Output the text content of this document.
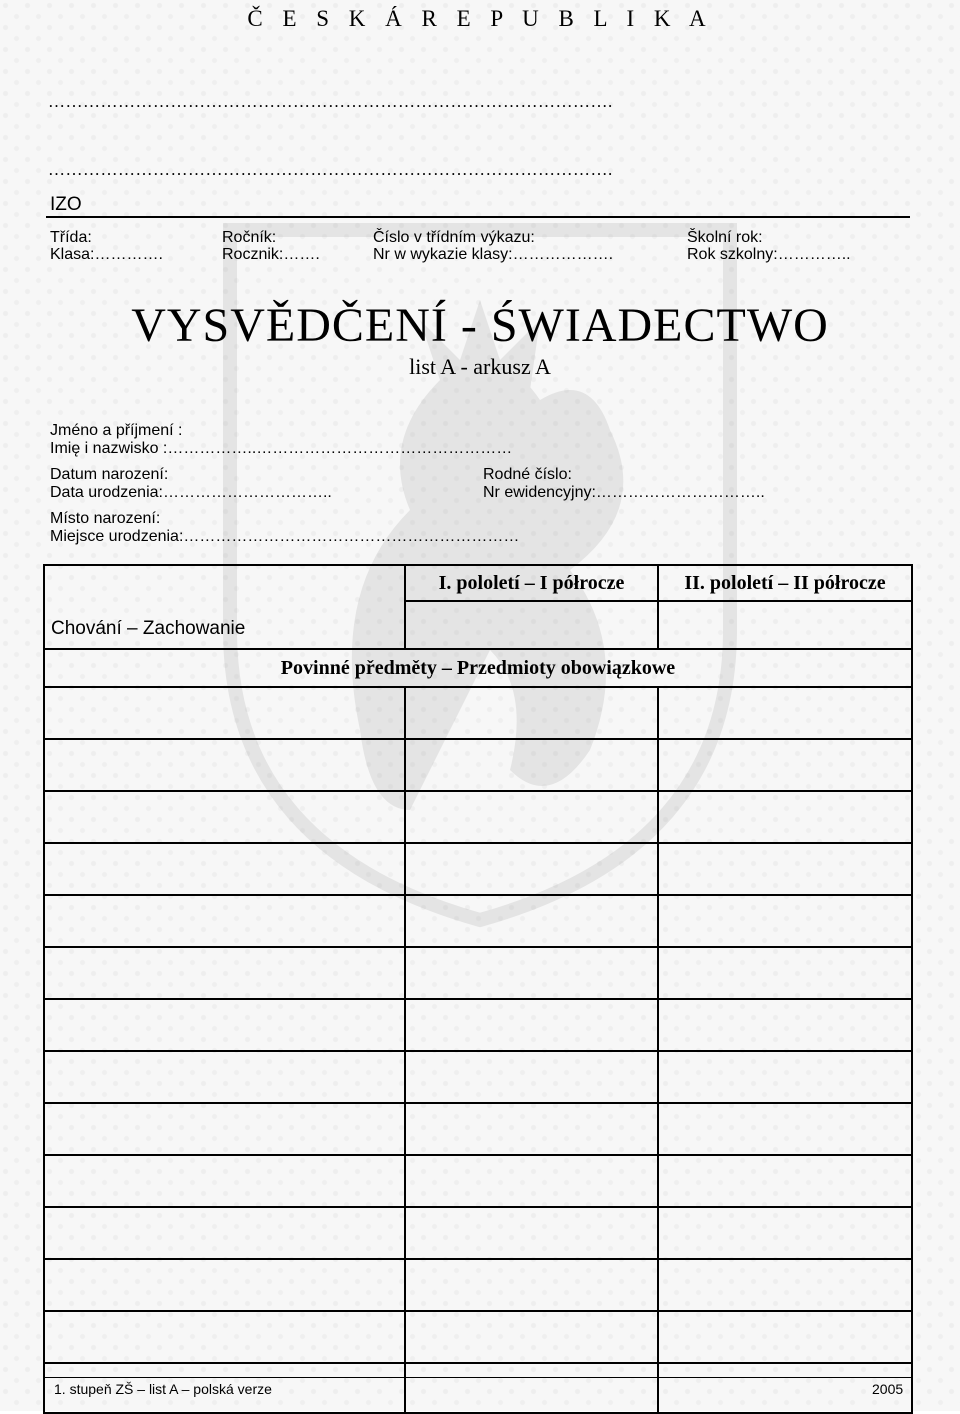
Č E S K Á R E P U B L I K A
…………………………………………………………………………………….
…………………………………………………………………………………….
IZO
Třída:
Klasa:………….
Ročník:
Rocznik:…….
Číslo v třídním výkazu:
Nr w wykazie klasy:……………….
Školní rok:
Rok szkolny:…………..
VYSVĚDČENÍ - ŚWIADECTWO
list A - arkusz A
Jméno a příjmení :
Imię i nazwisko :……………..…………………………………………
Datum narození:
Data urodzenia:…………………………..
Rodné číslo:
Nr ewidencyjny:…………………………..
Místo narození:
Miejsce urodzenia:………………………………………………………
Chování – Zachowanie	I. pololetí – I półrocze	II. pololetí – II półrocze

Povinné předměty – Przedmioty obowiązkowe		

1. stupeň ZŠ – list A – polská verze	2005
